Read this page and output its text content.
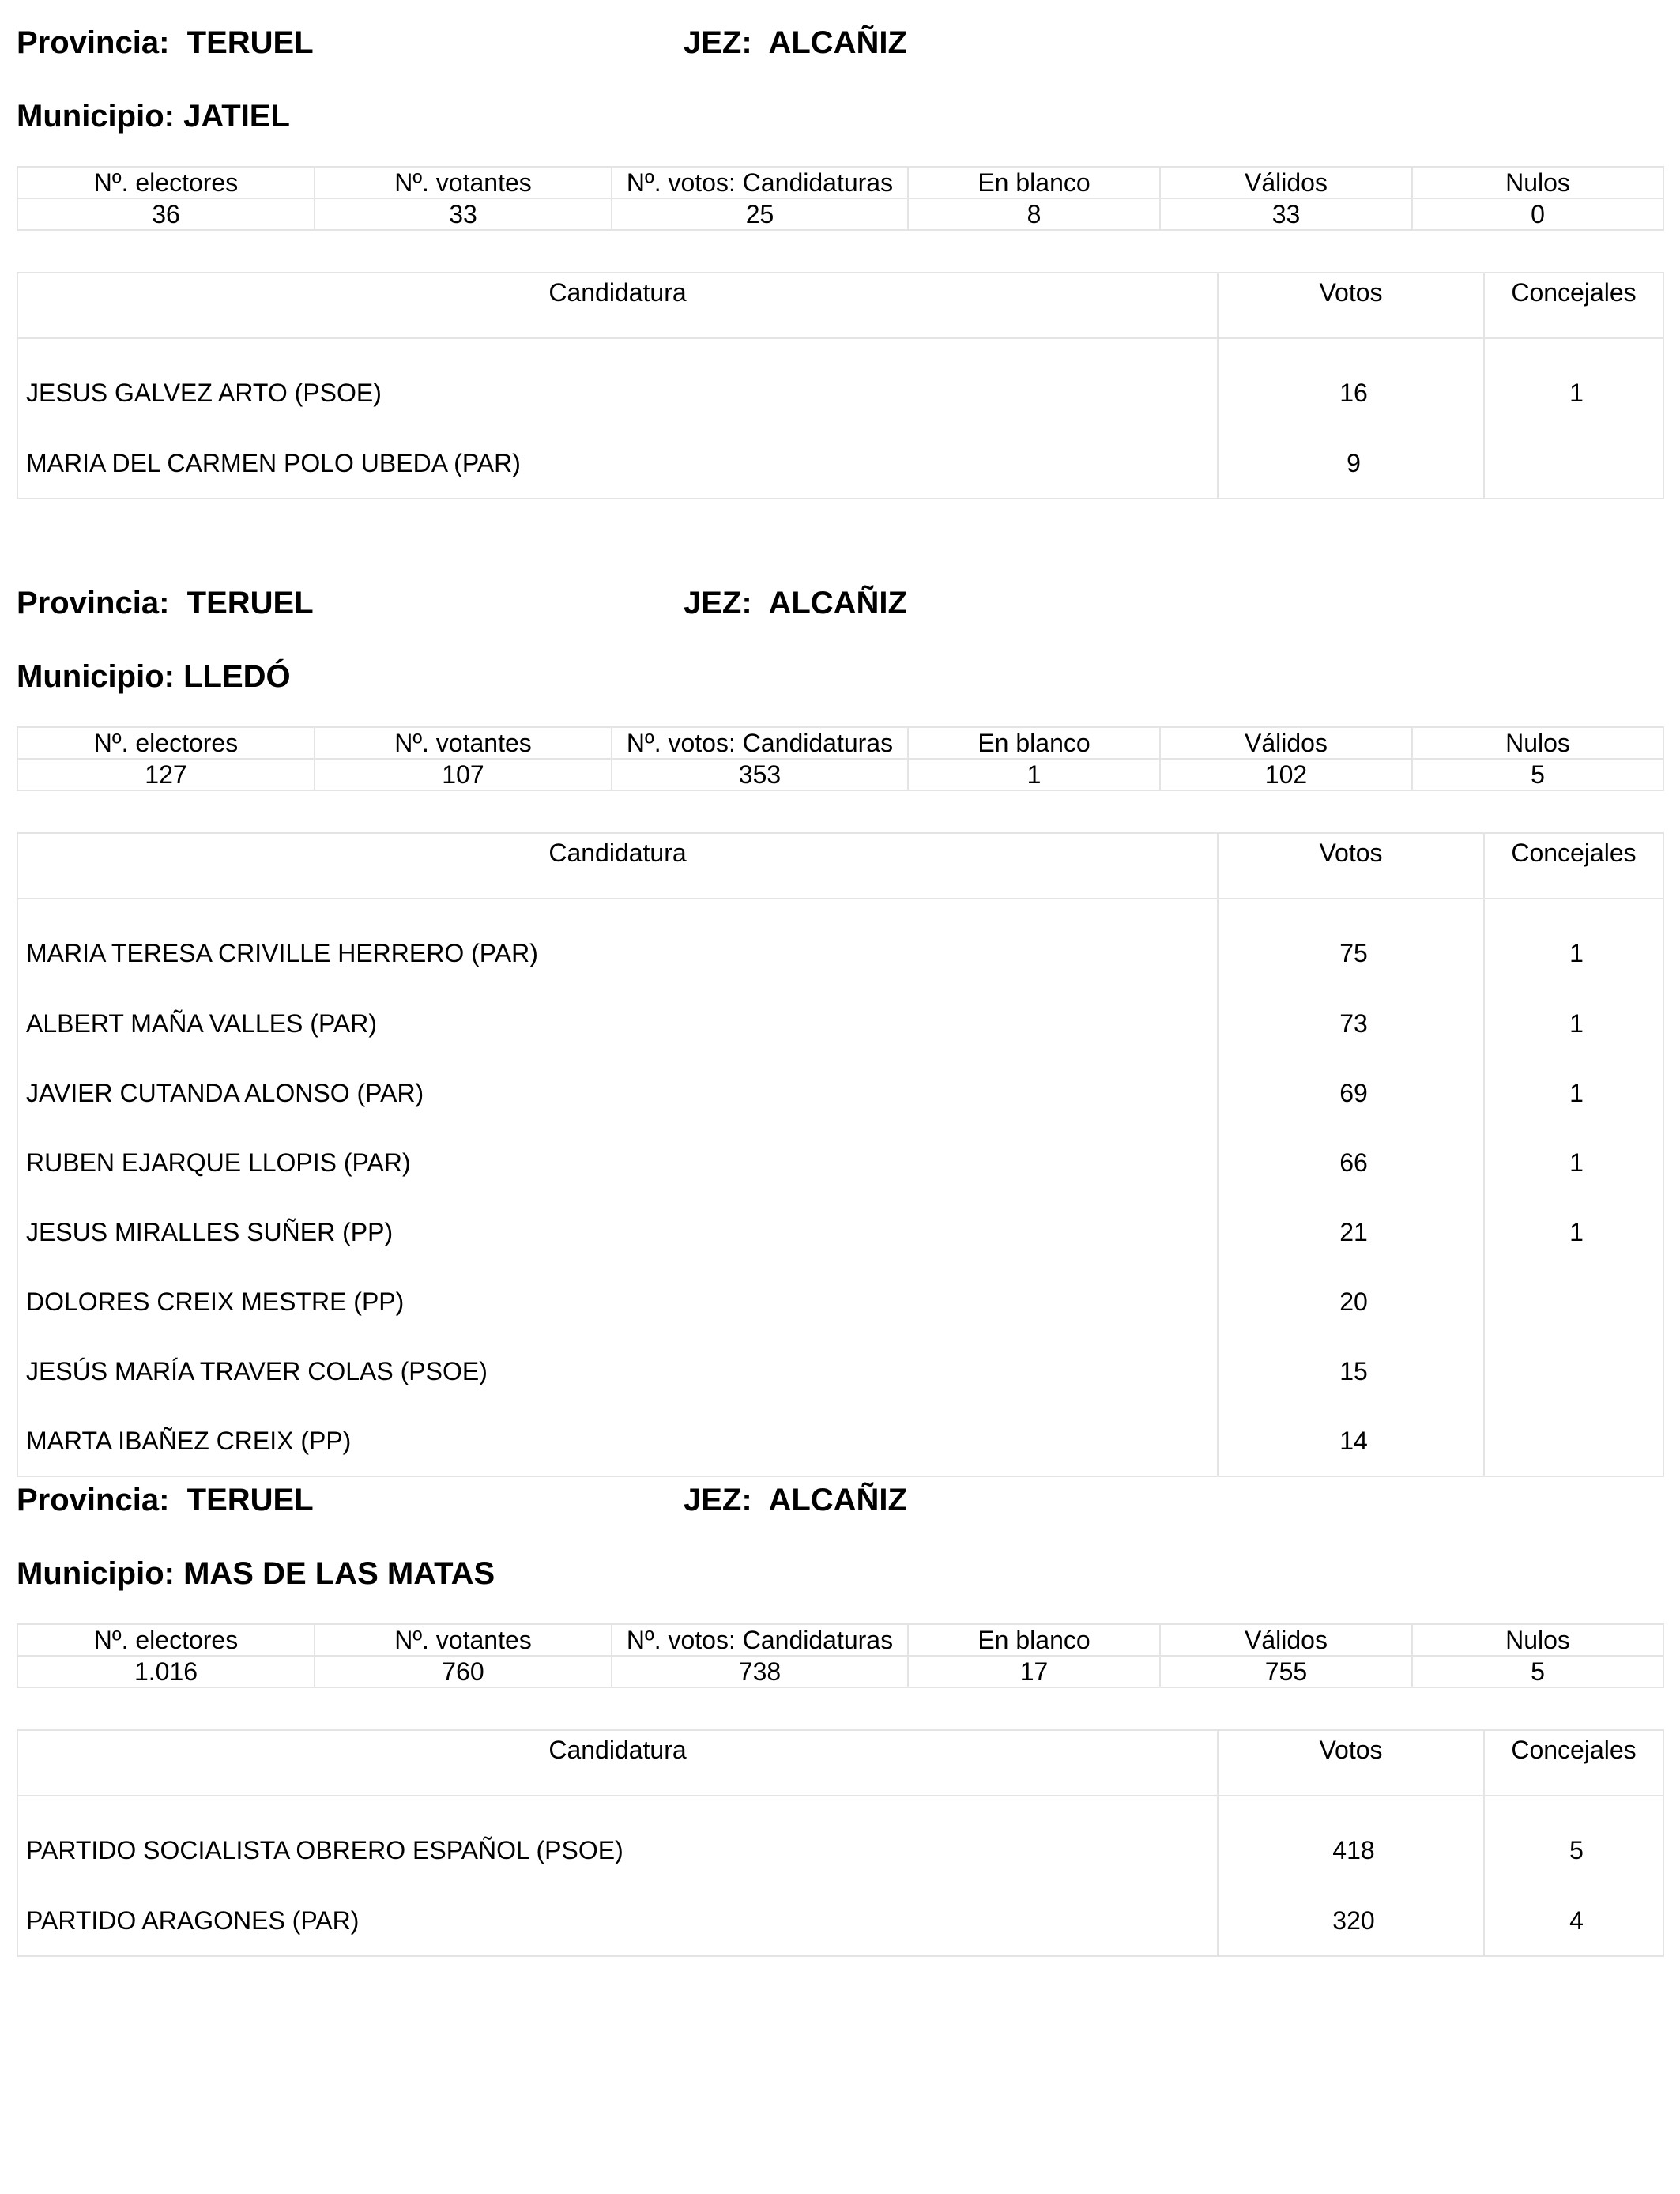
Provincia: TERUEL	JEZ: ALCAÑIZ
Municipio: JATIEL
Nº. electores	Nº. votantes	Nº. votos: Candidaturas	En blanco	Válidos	Nulos
36	33	25	8	33	0
Candidatura	Votos	Concejales
JESUS GALVEZ ARTO (PSOE)	16	1
MARIA DEL CARMEN POLO UBEDA (PAR)	9	
Provincia: TERUEL	JEZ: ALCAÑIZ
Municipio: LLEDÓ
Nº. electores	Nº. votantes	Nº. votos: Candidaturas	En blanco	Válidos	Nulos
127	107	353	1	102	5
Candidatura	Votos	Concejales
MARIA TERESA CRIVILLE HERRERO (PAR)	75	1
ALBERT MAÑA VALLES (PAR)	73	1
JAVIER CUTANDA ALONSO (PAR)	69	1
RUBEN EJARQUE LLOPIS (PAR)	66	1
JESUS MIRALLES SUÑER (PP)	21	1
DOLORES CREIX MESTRE (PP)	20	
JESÚS MARÍA TRAVER COLAS (PSOE)	15	
MARTA IBAÑEZ CREIX (PP)	14	
Provincia: TERUEL	JEZ: ALCAÑIZ
Municipio: MAS DE LAS MATAS
Nº. electores	Nº. votantes	Nº. votos: Candidaturas	En blanco	Válidos	Nulos
1.016	760	738	17	755	5
Candidatura	Votos	Concejales
PARTIDO SOCIALISTA OBRERO ESPAÑOL (PSOE)	418	5
PARTIDO ARAGONES (PAR)	320	4
